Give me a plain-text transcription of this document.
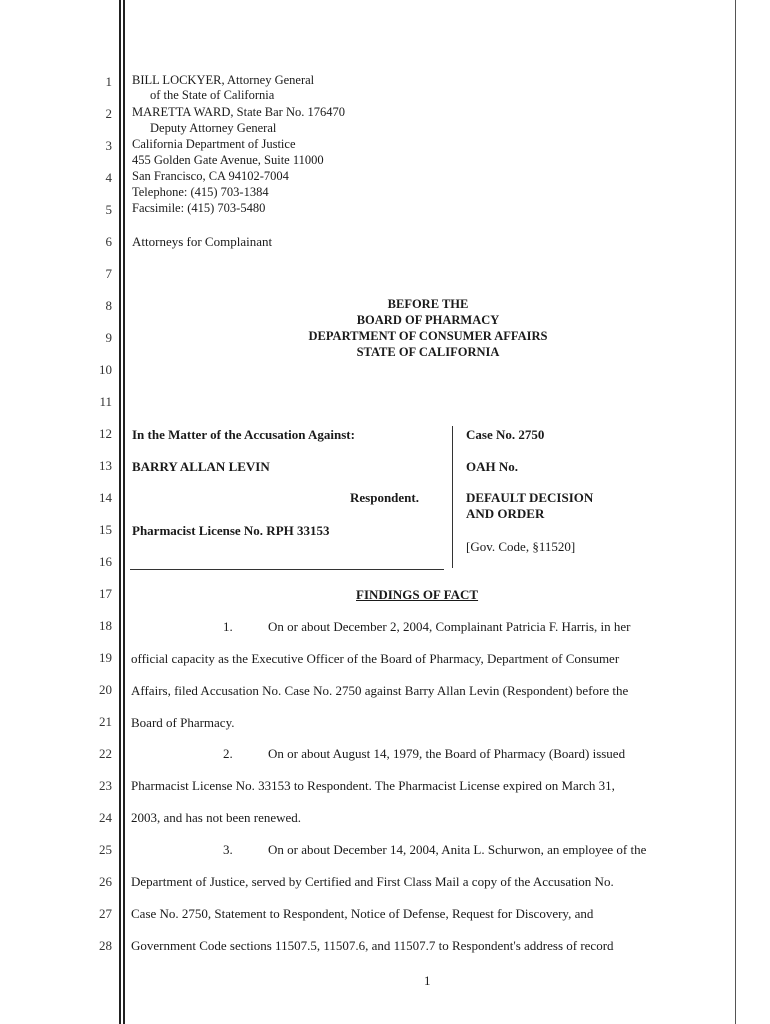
1
2
3
4
5
6
7
8
9
10
11
12
13
14
15
16
17
18
19
20
21
22
23
24
25
26
27
28
BILL LOCKYER, Attorney General
of the State of California
MARETTA WARD, State Bar No. 176470
Deputy Attorney General
California Department of Justice
455 Golden Gate Avenue, Suite 11000
San Francisco, CA 94102-7004
Telephone: (415) 703-1384
Facsimile: (415) 703-5480
Attorneys for Complainant
BEFORE THE
BOARD OF PHARMACY
DEPARTMENT OF CONSUMER AFFAIRS
STATE OF CALIFORNIA
In the Matter of the Accusation Against:
BARRY ALLAN LEVIN
Respondent.
Pharmacist License No. RPH 33153
Case No. 2750
OAH No.
DEFAULT DECISION
AND ORDER
[Gov. Code, §11520]
FINDINGS OF FACT
1.	On or about December 2, 2004, Complainant Patricia F. Harris, in her
official capacity as the Executive Officer of the Board of Pharmacy, Department of Consumer
Affairs, filed Accusation No. Case No. 2750 against Barry Allan Levin (Respondent) before the
Board of Pharmacy.
2.	On or about August 14, 1979, the Board of Pharmacy (Board) issued
Pharmacist License No. 33153 to Respondent. The Pharmacist License expired on March 31,
2003, and has not been renewed.
3.	On or about December 14, 2004, Anita L. Schurwon, an employee of the
Department of Justice, served by Certified and First Class Mail a copy of the Accusation No.
Case No. 2750, Statement to Respondent, Notice of Defense, Request for Discovery, and
Government Code sections 11507.5, 11507.6, and 11507.7 to Respondent's address of record
1
